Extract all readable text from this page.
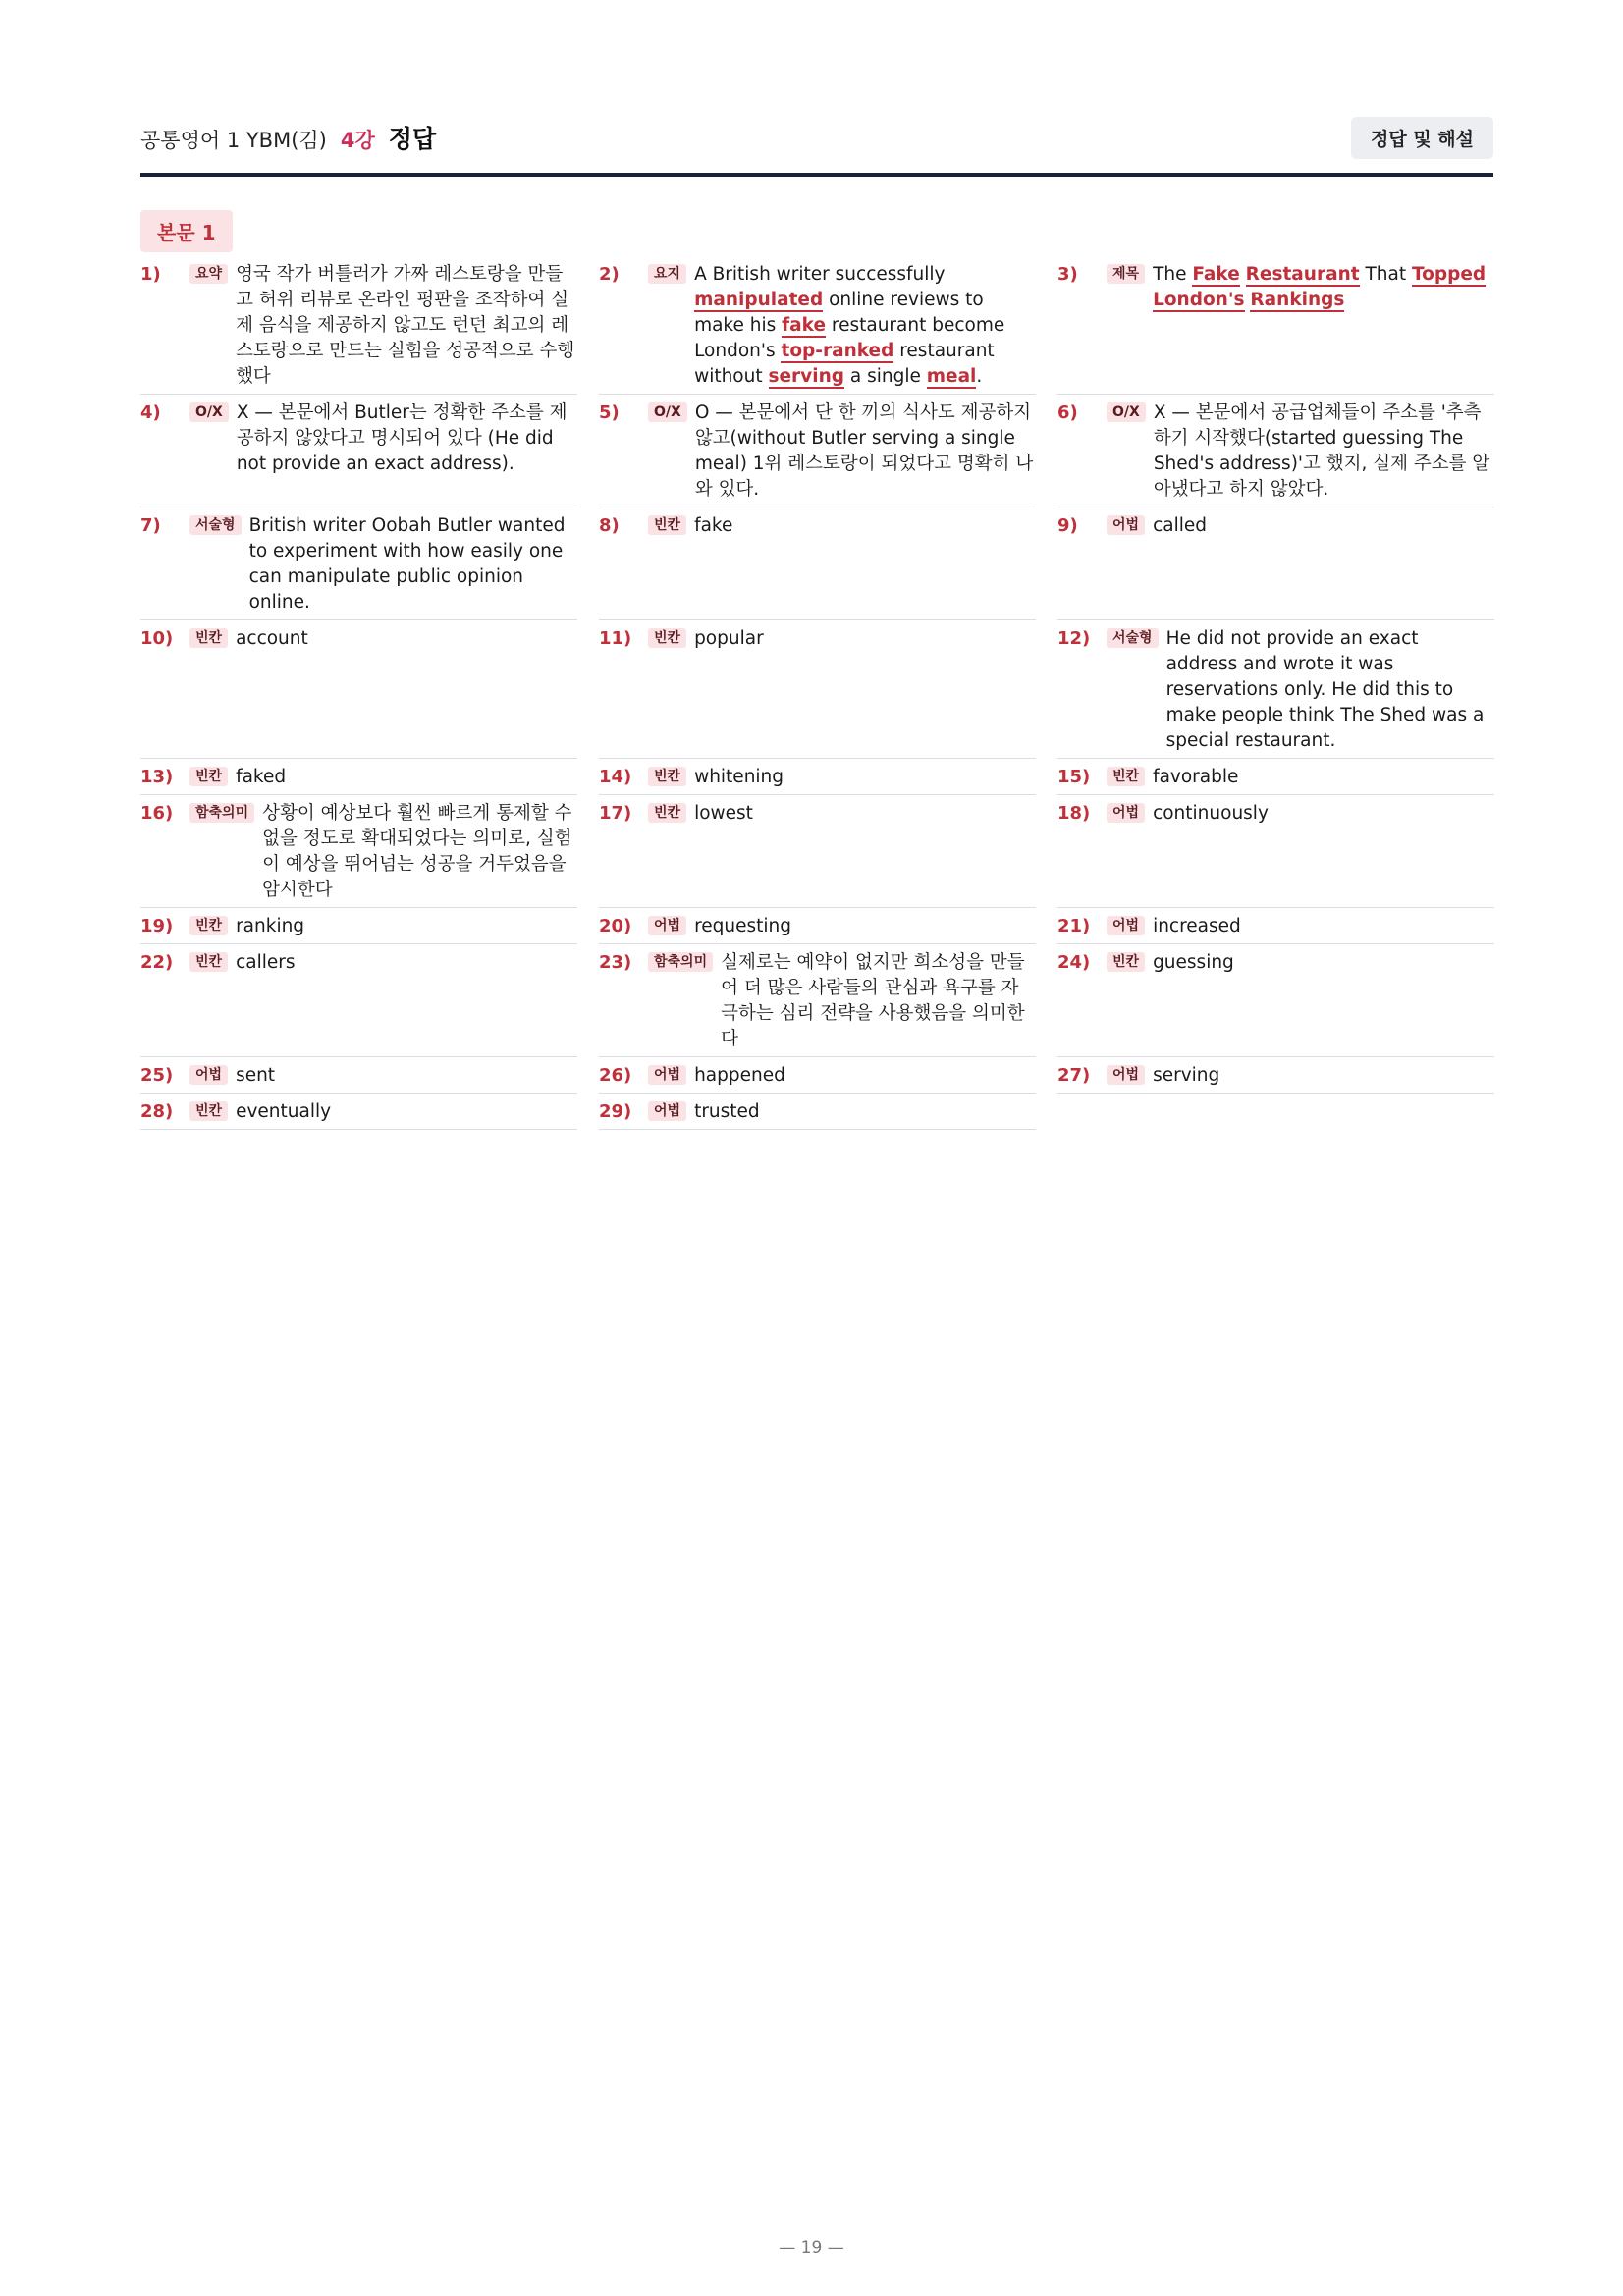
공통영어 1 YBM(김) 4강 정답	정답 및 해설
본문 1
1)	요약 영국 작가 버틀러가 가짜 레스토랑을 만들고 허위 리뷰로 온라인 평판을 조작하여 실제 음식을 제공하지 않고도 런던 최고의 레스토랑으로 만드는 실험을 성공적으로 수행했다
2)	요지 A British writer successfully manipulated online reviews to make his fake restaurant become London's top-ranked restaurant without serving a single meal.
3)	제목 The Fake Restaurant That Topped London's Rankings
4)	O/X X — 본문에서 Butler는 정확한 주소를 제공하지 않았다고 명시되어 있다 (He did not provide an exact address).
5)	O/X O — 본문에서 단 한 끼의 식사도 제공하지 않고(without Butler serving a single meal) 1위 레스토랑이 되었다고 명확히 나와 있다.
6)	O/X X — 본문에서 공급업체들이 주소를 '추측하기 시작했다(started guessing The Shed's address)'고 했지, 실제 주소를 알아냈다고 하지 않았다.
7)	서술형 British writer Oobah Butler wanted to experiment with how easily one can manipulate public opinion online.
8)	빈칸 fake	9)	어법 called
10)	빈칸 account	11)	빈칸 popular	12)	서술형 He did not provide an exact address and wrote it was reservations only. He did this to make people think The Shed was a special restaurant.
13)	빈칸 faked	14)	빈칸 whitening	15)	빈칸 favorable
16)	함축의미 상황이 예상보다 훨씬 빠르게 통제할 수 없을 정도로 확대되었다는 의미로, 실험이 예상을 뛰어넘는 성공을 거두었음을 암시한다
17)	빈칸 lowest	18)	어법 continuously
19)	빈칸 ranking	20)	어법 requesting	21)	어법 increased
22)	빈칸 callers	23)	함축의미 실제로는 예약이 없지만 희소성을 만들어 더 많은 사람들의 관심과 욕구를 자극하는 심리 전략을 사용했음을 의미한다
24)	빈칸 guessing
25)	어법 sent	26)	어법 happened	27)	어법 serving
28)	빈칸 eventually	29)	어법 trusted
— 19 —
